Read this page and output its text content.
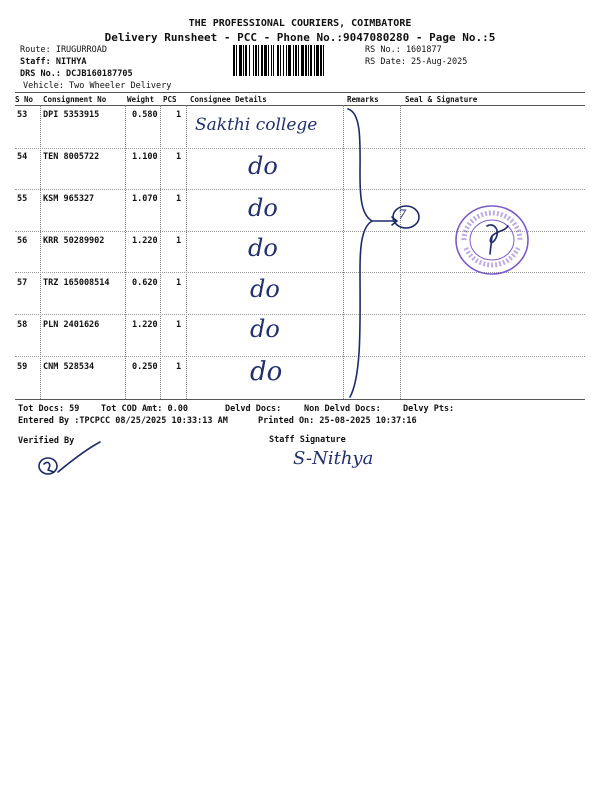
THE PROFESSIONAL COURIERS, COIMBATORE
Delivery Runsheet - PCC - Phone No.:9047080280 - Page No.:5
Route: IRUGURROAD
Staff: NITHYA
DRS No.: DCJB160187705
Vehicle: Two Wheeler Delivery
RS No.: 1601877
RS Date: 25-Aug-2025
S No Consignment No	Weight PCS Consignee Details	Remarks	Seal & Signature
53 DPI 5353915	0.580 1 Sakthi college
54 TEN 8005722	1.100 1	do
55 KSM 965327	1.070 1	do
56 KRR 50289902	1.220 1	do
57 TRZ 165008514	0.620 1	do
58 PLN 2401626	1.220 1	do
59 CNM 528534	0.250 1	do
7
Tot Docs: 59	Tot COD Amt: 0.00	Delvd Docs:	Non Delvd Docs:	Delvy Pts:
Entered By :TPCPCC 08/25/2025 10:33:13 AM	Printed On: 25-08-2025 10:37:16
Verified By	Staff Signature
S-Nithya
